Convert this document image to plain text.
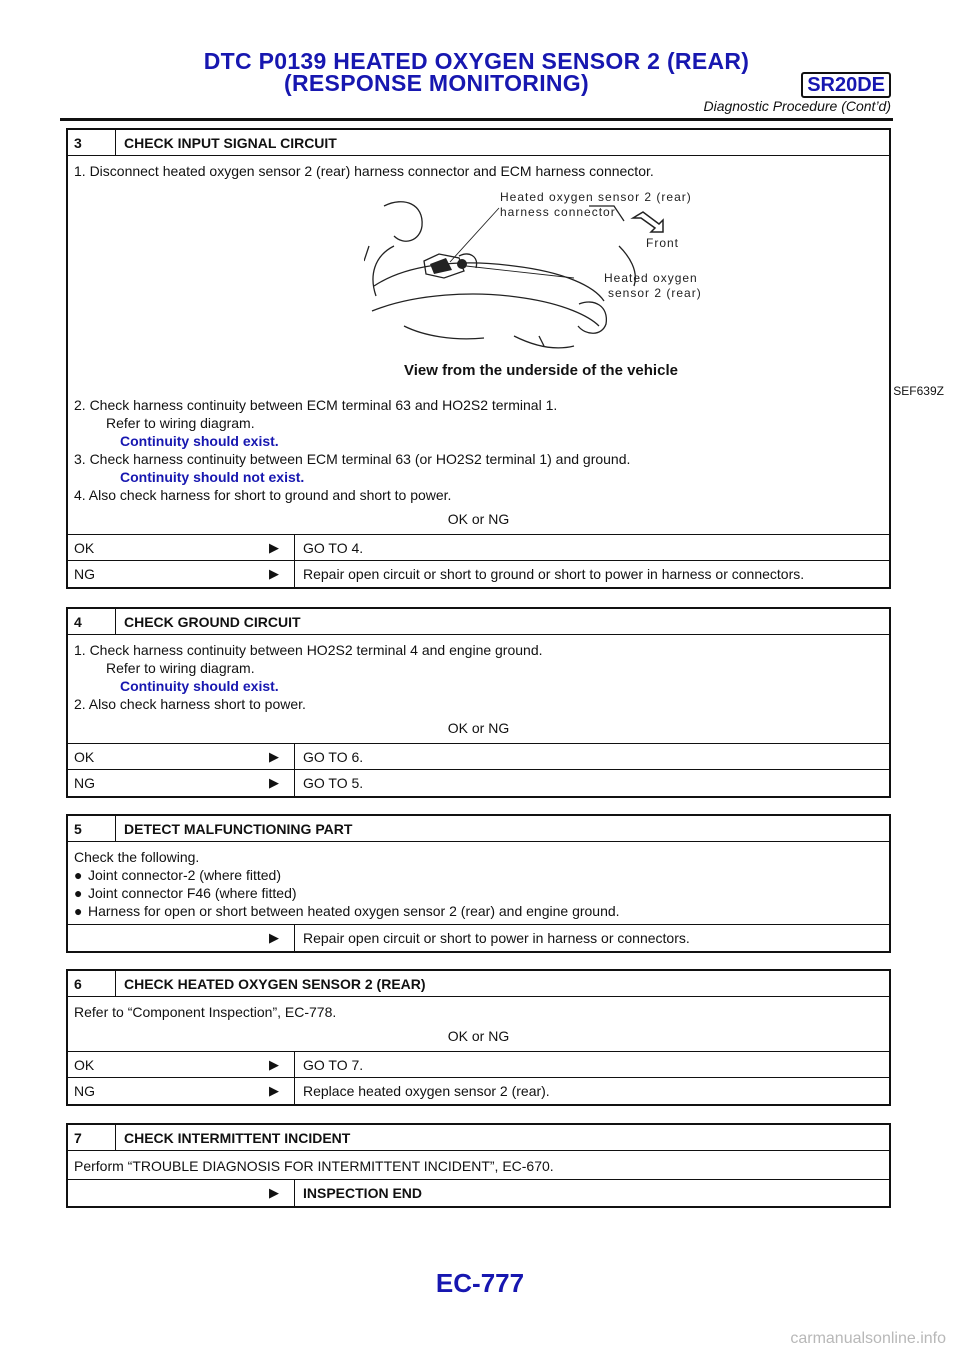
DTC P0139 HEATED OXYGEN SENSOR 2 (REAR)
(RESPONSE MONITORING)	SR20DE
Diagnostic Procedure (Cont’d)
3	CHECK INPUT SIGNAL CIRCUIT
1. Disconnect heated oxygen sensor 2 (rear) harness connector and ECM harness connector.
Heated oxygen sensor 2 (rear)
harness connector
Front
Heated oxygen
sensor 2 (rear)
View from the underside of the vehicle
SEF639Z
2. Check harness continuity between ECM terminal 63 and HO2S2 terminal 1.
Refer to wiring diagram.
Continuity should exist.
3. Check harness continuity between ECM terminal 63 (or HO2S2 terminal 1) and ground.
Continuity should not exist.
4. Also check harness for short to ground and short to power.
OK or NG
OK	▶	GO TO 4.
NG	▶	Repair open circuit or short to ground or short to power in harness or connectors.
4	CHECK GROUND CIRCUIT
1. Check harness continuity between HO2S2 terminal 4 and engine ground.
Refer to wiring diagram.
Continuity should exist.
2. Also check harness short to power.
OK or NG
OK	▶	GO TO 6.
NG	▶	GO TO 5.
5	DETECT MALFUNCTIONING PART
Check the following.
● Joint connector-2 (where fitted)
● Joint connector F46 (where fitted)
● Harness for open or short between heated oxygen sensor 2 (rear) and engine ground.
▶	Repair open circuit or short to power in harness or connectors.
6	CHECK HEATED OXYGEN SENSOR 2 (REAR)
Refer to “Component Inspection”, EC-778.
OK or NG
OK	▶	GO TO 7.
NG	▶	Replace heated oxygen sensor 2 (rear).
7	CHECK INTERMITTENT INCIDENT
Perform “TROUBLE DIAGNOSIS FOR INTERMITTENT INCIDENT”, EC-670.
▶	INSPECTION END
EC-777
carmanualsonline.info
